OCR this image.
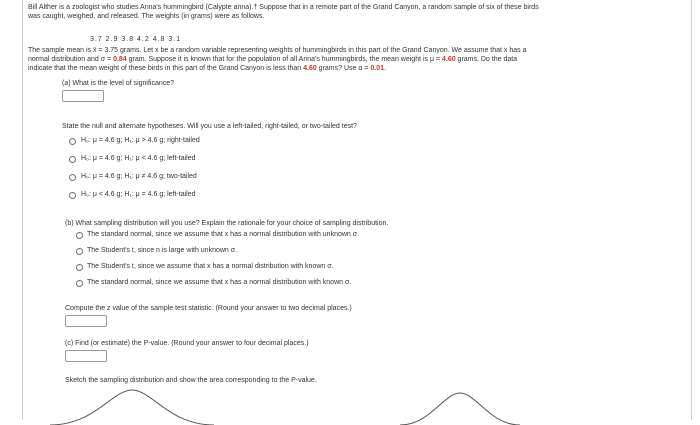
Bill Alther is a zoologist who studies Anna's hummingbird (Calypte anna).† Suppose that in a remote part of the Grand Canyon, a random sample of six of these birds
was caught, weighed, and released. The weights (in grams) were as follows.
3.7 2.9 3.8 4.2 4.8 3.1
The sample mean is x̄ = 3.75 grams. Let x be a random variable representing weights of hummingbirds in this part of the Grand Canyon. We assume that x has a
normal distribution and σ = 0.84 gram. Suppose it is known that for the population of all Anna's hummingbirds, the mean weight is μ = 4.60 grams. Do the data
indicate that the mean weight of these birds in this part of the Grand Canyon is less than 4.60 grams? Use α = 0.01.
(a) What is the level of significance?
State the null and alternate hypotheses. Will you use a left-tailed, right-tailed, or two-tailed test?
H₀: μ = 4.6 g; H₁: μ > 4.6 g; right-tailed
H₀: μ = 4.6 g; H₁: μ < 4.6 g; left-tailed
H₀: μ = 4.6 g; H₁: μ ≠ 4.6 g; two-tailed
H₀: μ < 4.6 g; H₁: μ = 4.6 g; left-tailed
(b) What sampling distribution will you use? Explain the rationale for your choice of sampling distribution.
The standard normal, since we assume that x has a normal distribution with unknown σ.
The Student's t, since n is large with unknown σ.
The Student's t, since we assume that x has a normal distribution with known σ.
The standard normal, since we assume that x has a normal distribution with known σ.
Compute the z value of the sample test statistic. (Round your answer to two decimal places.)
(c) Find (or estimate) the P-value. (Round your answer to four decimal places.)
Sketch the sampling distribution and show the area corresponding to the P-value.
